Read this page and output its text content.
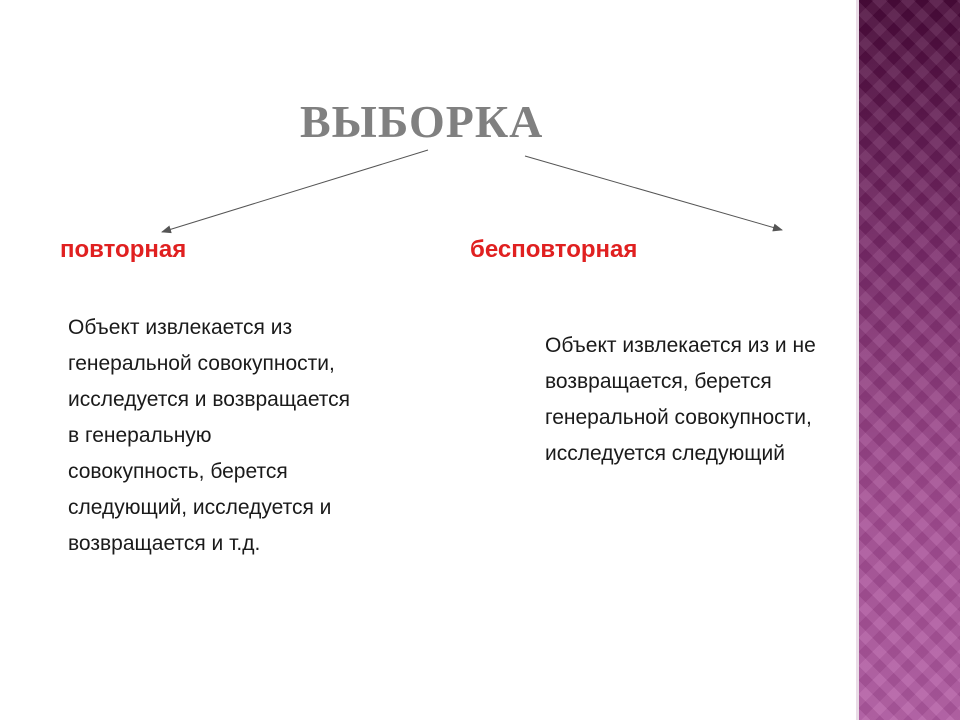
ВЫБОРКА
повторная	бесповторная
Объект извлекается из
генеральной совокупности,
исследуется и возвращается
в генеральную
совокупность, берется
следующий, исследуется и
возвращается и т.д.
Объект извлекается из и не
возвращается, берется
генеральной совокупности,
исследуется следующий
